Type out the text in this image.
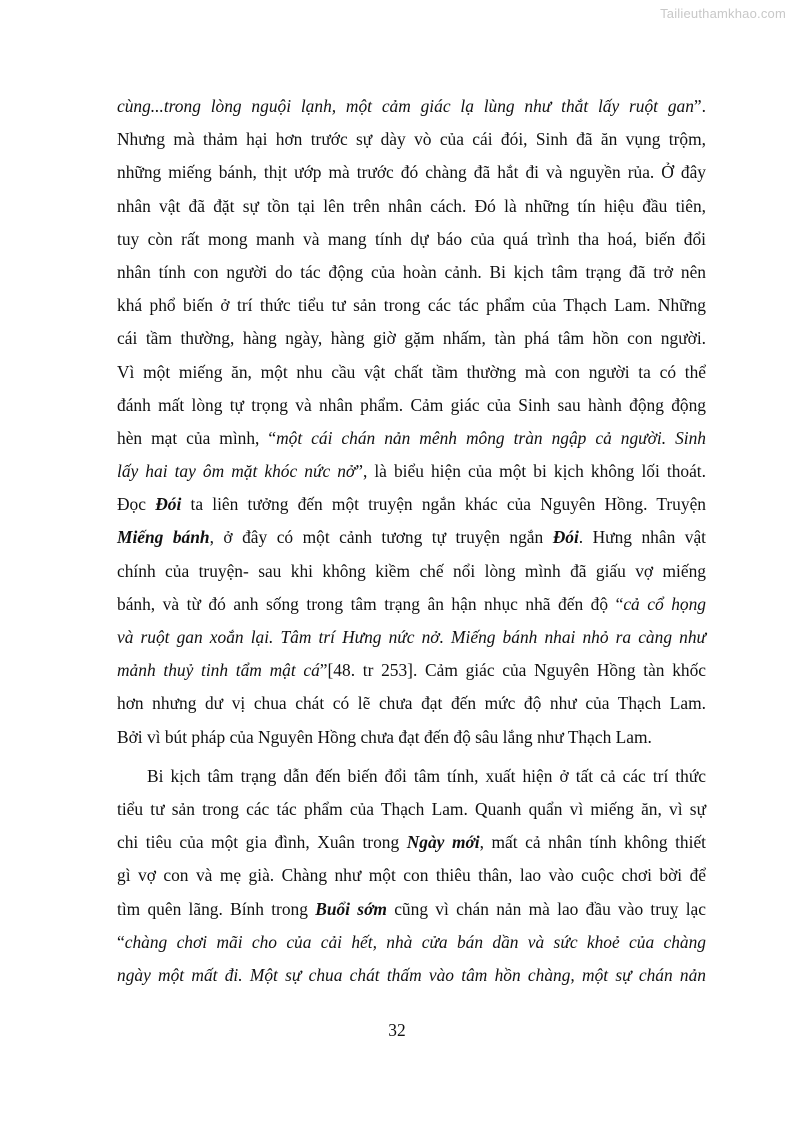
Tailieuthamkhao.com
cùng...trong lòng nguội lạnh, một cảm giác lạ lùng như thắt lấy ruột gan”.
Nhưng mà thảm hại hơn trước sự dày vò của cái đói, Sinh đã ăn vụng trộm,
những miếng bánh, thịt ướp mà trước đó chàng đã hắt đi và nguyền rủa. Ở đây
nhân vật đã đặt sự tồn tại lên trên nhân cách. Đó là những tín hiệu đầu tiên,
tuy còn rất mong manh và mang tính dự báo của quá trình tha hoá, biến đổi
nhân tính con người do tác động của hoàn cảnh. Bi kịch tâm trạng đã trở nên
khá phổ biến ở trí thức tiểu tư sản trong các tác phẩm của Thạch Lam. Những
cái tầm thường, hàng ngày, hàng giờ gặm nhấm, tàn phá tâm hồn con người.
Vì một miếng ăn, một nhu cầu vật chất tầm thường mà con người ta có thể
đánh mất lòng tự trọng và nhân phẩm. Cảm giác của Sinh sau hành động động
hèn mạt của mình, “một cái chán nản mênh mông tràn ngập cả người. Sinh
lấy hai tay ôm mặt khóc nức nở”, là biểu hiện của một bi kịch không lối thoát.
Đọc Đói ta liên tưởng đến một truyện ngắn khác của Nguyên Hồng. Truyện
Miếng bánh, ở đây có một cảnh tương tự truyện ngắn Đói. Hưng nhân vật
chính của truyện- sau khi không kiềm chế nổi lòng mình đã giấu vợ miếng
bánh, và từ đó anh sống trong tâm trạng ân hận nhục nhã đến độ “cả cổ họng
và ruột gan xoắn lại. Tâm trí Hưng nức nở. Miếng bánh nhai nhỏ ra càng như
mảnh thuỷ tinh tẩm mật cá”[48. tr 253]. Cảm giác của Nguyên Hồng tàn khốc
hơn nhưng dư vị chua chát có lẽ chưa đạt đến mức độ như của Thạch Lam.
Bởi vì bút pháp của Nguyên Hồng chưa đạt đến độ sâu lắng như Thạch Lam.
Bi kịch tâm trạng dẫn đến biến đổi tâm tính, xuất hiện ở tất cả các trí thức
tiểu tư sản trong các tác phẩm của Thạch Lam. Quanh quẩn vì miếng ăn, vì sự
chi tiêu của một gia đình, Xuân trong Ngày mới, mất cả nhân tính không thiết
gì vợ con và mẹ già. Chàng như một con thiêu thân, lao vào cuộc chơi bời để
tìm quên lãng. Bính trong Buổi sớm cũng vì chán nản mà lao đầu vào truỵ lạc
“chàng chơi mãi cho của cải hết, nhà cửa bán dần và sức khoẻ của chàng
ngày một mất đi. Một sự chua chát thấm vào tâm hồn chàng, một sự chán nản
32
